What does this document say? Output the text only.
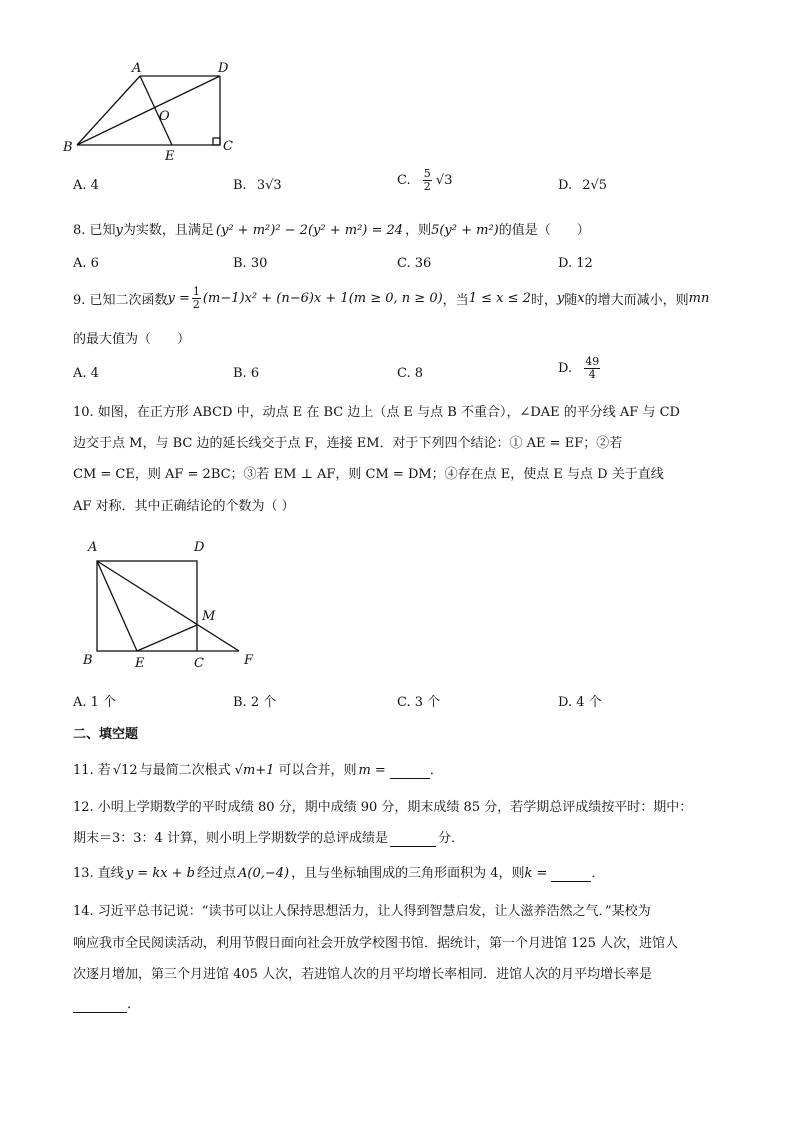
A	D
O
B
E
C
A. 4	B. 3√3	C. $\frac{5}{2} √3$	D. 2√5
8. 已知y为实数，且满足 (y² + m²)² − 2(y² + m²) = 24 ，则5(y² + m²)的值是（　　）
A. 6	B. 30	C. 36	D. 12
9. 已知二次函数$y = \frac{1}{2} (m-1)x^2 + (n-6)x + 1(m \ge 0$, n ≥ 0)，当1 ≤ x ≤ 2时，y随x的增大而减小，则mn
的最大值为（　　）
A. 4	B. 6	C. 8	D. $\frac{49}{4}$
10. 如图，在正方形 ABCD 中，动点 E 在 BC 边上（点 E 与点 B 不重合），∠DAE 的平分线 AF 与 CD
边交于点 M，与 BC 边的延长线交于点 F，连接 EM．对于下列四个结论：① AE = EF；②若
CM = CE，则 AF = 2BC；③若 EM ⊥ AF，则 CM = DM；④存在点 E，使点 E 与点 D 关于直线
AF 对称．其中正确结论的个数为（ ）
A	D
M
B	E	C	F
A. 1 个	B. 2 个	C. 3 个	D. 4 个
二、填空题
11. 若 √12 与最简二次根式 √m+1 可以合并，则 m =	．
12. 小明上学期数学的平时成绩 80 分，期中成绩 90 分，期末成绩 85 分，若学期总评成绩按平时：期中：
期末＝3：3：4 计算，则小明上学期数学的总评成绩是	分．
13. 直线 y = kx + b 经过点 A(0,−4) ，且与坐标轴围成的三角形面积为 4，则k =	．
14. 习近平总书记说：“读书可以让人保持思想活力，让人得到智慧启发，让人滋养浩然之气．”某校为
响应我市全民阅读活动，利用节假日面向社会开放学校图书馆．据统计，第一个月进馆 125 人次，进馆人
次逐月增加，第三个月进馆 405 人次，若进馆人次的月平均增长率相同．进馆人次的月平均增长率是
．
